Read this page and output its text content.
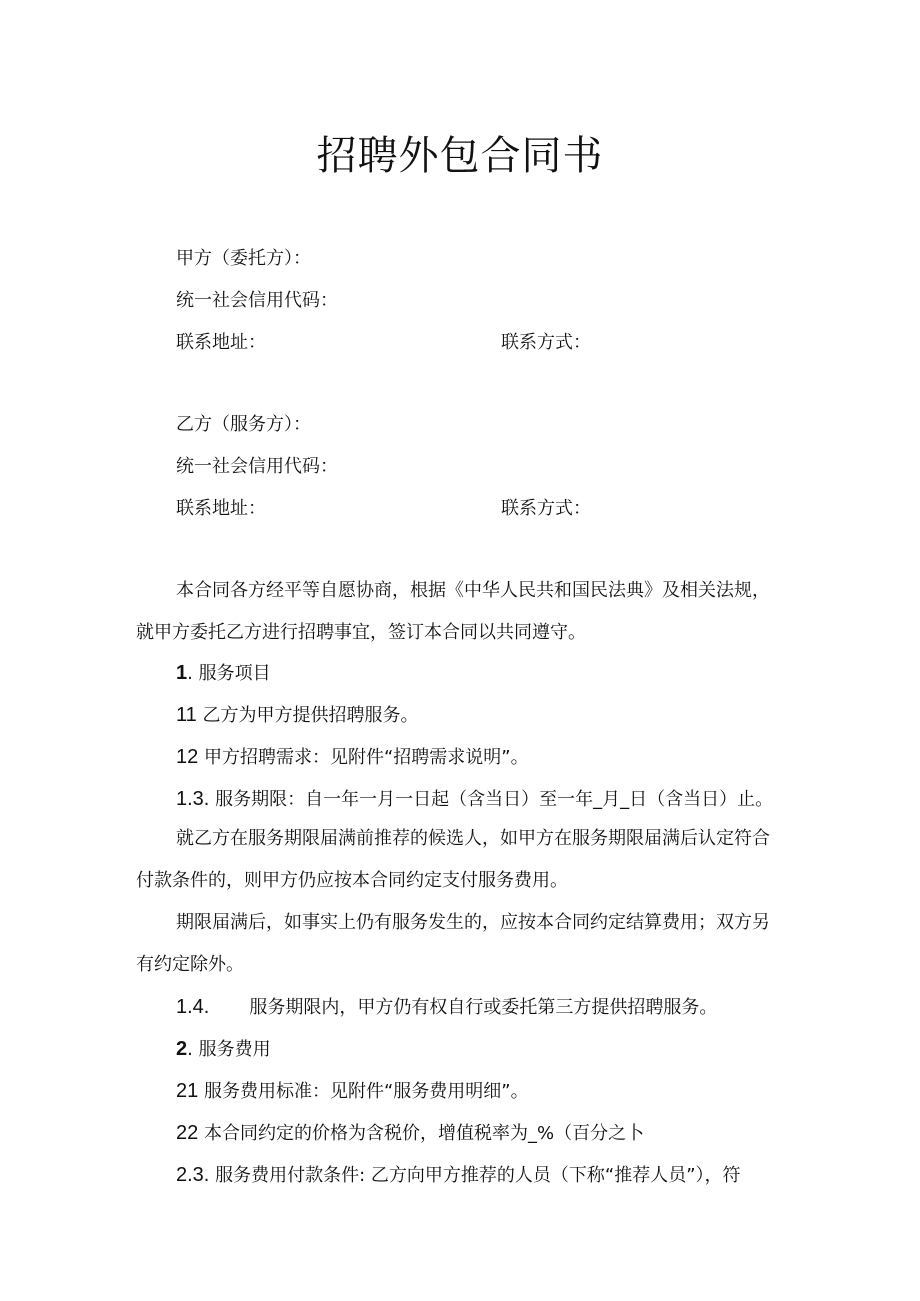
招聘外包合同书
甲方（委托方）：
统一社会信用代码：
联系地址：	联系方式：
乙方（服务方）：
统一社会信用代码：
联系地址：	联系方式：
本合同各方经平等自愿协商，根据《中华人民共和国民法典》及相关法规，
就甲方委托乙方进行招聘事宜，签订本合同以共同遵守。
1. 服务项目
11 乙方为甲方提供招聘服务。
12 甲方招聘需求：见附件“招聘需求说明”。
1.3. 服务期限：自一年一月一日起（含当日）至一年_月_日（含当日）止。
就乙方在服务期限届满前推荐的候选人，如甲方在服务期限届满后认定符合
付款条件的，则甲方仍应按本合同约定支付服务费用。
期限届满后，如事实上仍有服务发生的，应按本合同约定结算费用；双方另
有约定除外。
1.4. 服务期限内，甲方仍有权自行或委托第三方提供招聘服务。
2. 服务费用
21 服务费用标准：见附件“服务费用明细”。
22 本合同约定的价格为含税价，增值税率为_%（百分之卜
2.3. 服务费用付款条件: 乙方向甲方推荐的人员（下称“推荐人员”），符
